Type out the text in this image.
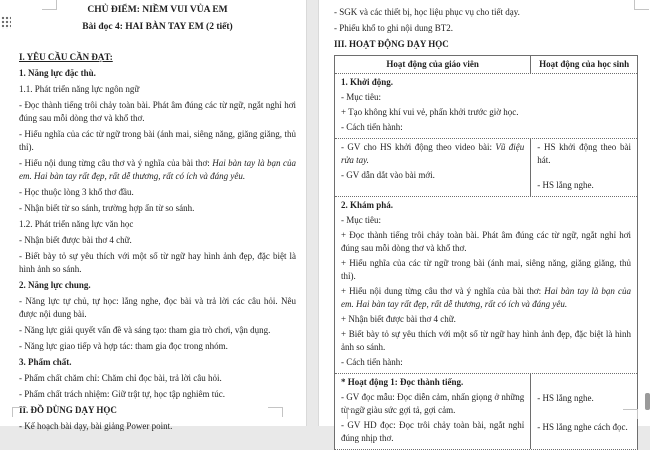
CHỦ ĐIỂM: NIỀM VUI VỦA EM

Bài đọc 4: HAI BÀN TAY EM (2 tiết)

I. YÊU CẦU CẦN ĐẠT:

1. Năng lực đặc thù.

1.1. Phát triển năng lực ngôn ngữ

- Đọc thành tiếng trôi chảy toàn bài. Phát âm đúng các từ ngữ, ngắt nghỉ hơi đúng sau mỗi dòng thơ và khổ thơ.

- Hiểu nghĩa của các từ ngữ trong bài (ánh mai, siêng năng, giăng giăng, thủ thỉ).

- Hiểu nội dung từng câu thơ và ý nghĩa của bài thơ: Hai bàn tay là bạn của em. Hai bàn tay rất đẹp, rất dễ thương, rất có ích và đáng yêu.

- Học thuộc lòng 3 khổ thơ đầu.

- Nhận biết từ so sánh, trường hợp ẩn từ so sánh.

1.2. Phát triển năng lực văn học

- Nhận biết được bài thơ 4 chữ.

- Biết bày tỏ sự yêu thích với một số từ ngữ hay hình ảnh đẹp, đặc biệt là hình ảnh so sánh.

2. Năng lực chung.

- Năng lực tự chủ, tự học: lắng nghe, đọc bài và trả lời các câu hỏi. Nêu được nội dung bài.

- Năng lực giải quyết vấn đề và sáng tạo: tham gia trò chơi, vận dụng.

- Năng lực giao tiếp và hợp tác: tham gia đọc trong nhóm.

3. Phẩm chất.

- Phẩm chất chăm chỉ: Chăm chỉ đọc bài, trả lời câu hỏi.

- Phẩm chất trách nhiệm: Giữ trật tự, học tập nghiêm túc.

II. ĐỒ DÙNG DẠY HỌC

- Kế hoạch bài dạy, bài giảng Power point.

- SGK và các thiết bị, học liệu phục vụ cho tiết dạy.

- Phiếu khổ to ghi nội dung BT2.

III. HOẠT ĐỘNG DẠY HỌC

Hoạt động của giáo viên	Hoạt động của học sinh

1. Khởi động.

- Mục tiêu:

+ Tạo không khí vui vẻ, phấn khởi trước giờ học.

- Cách tiến hành:

- GV cho HS khởi động theo video bài: Vũ điệu rửa tay.

- GV dẫn dắt vào bài mới.

- HS khởi động theo bài hát.

- HS lắng nghe.

2. Khám phá.

- Mục tiêu:

+ Đọc thành tiếng trôi chảy toàn bài. Phát âm đúng các từ ngữ, ngắt nghỉ hơi đúng sau mỗi dòng thơ và khổ thơ.

+ Hiểu nghĩa của các từ ngữ trong bài (ánh mai, siêng năng, giăng giăng, thủ thỉ).

+ Hiểu nội dung từng câu thơ và ý nghĩa của bài thơ: Hai bàn tay là bạn của em. Hai bàn tay rất đẹp, rất dễ thương, rất có ích và đáng yêu.

+ Nhận biết được bài thơ 4 chữ.

+ Biết bày tỏ sự yêu thích với một số từ ngữ hay hình ảnh đẹp, đặc biệt là hình ảnh so sánh.

- Cách tiến hành:

* Hoạt động 1: Đọc thành tiếng.

- GV đọc mẫu: Đọc diễn cảm, nhấn giọng ở những từ ngữ giàu sức gợi tả, gợi cảm.

- GV HD đọc: Đọc trôi chảy toàn bài, ngắt nghỉ đúng nhịp thơ.

- HS lắng nghe.

- HS lắng nghe cách đọc.
